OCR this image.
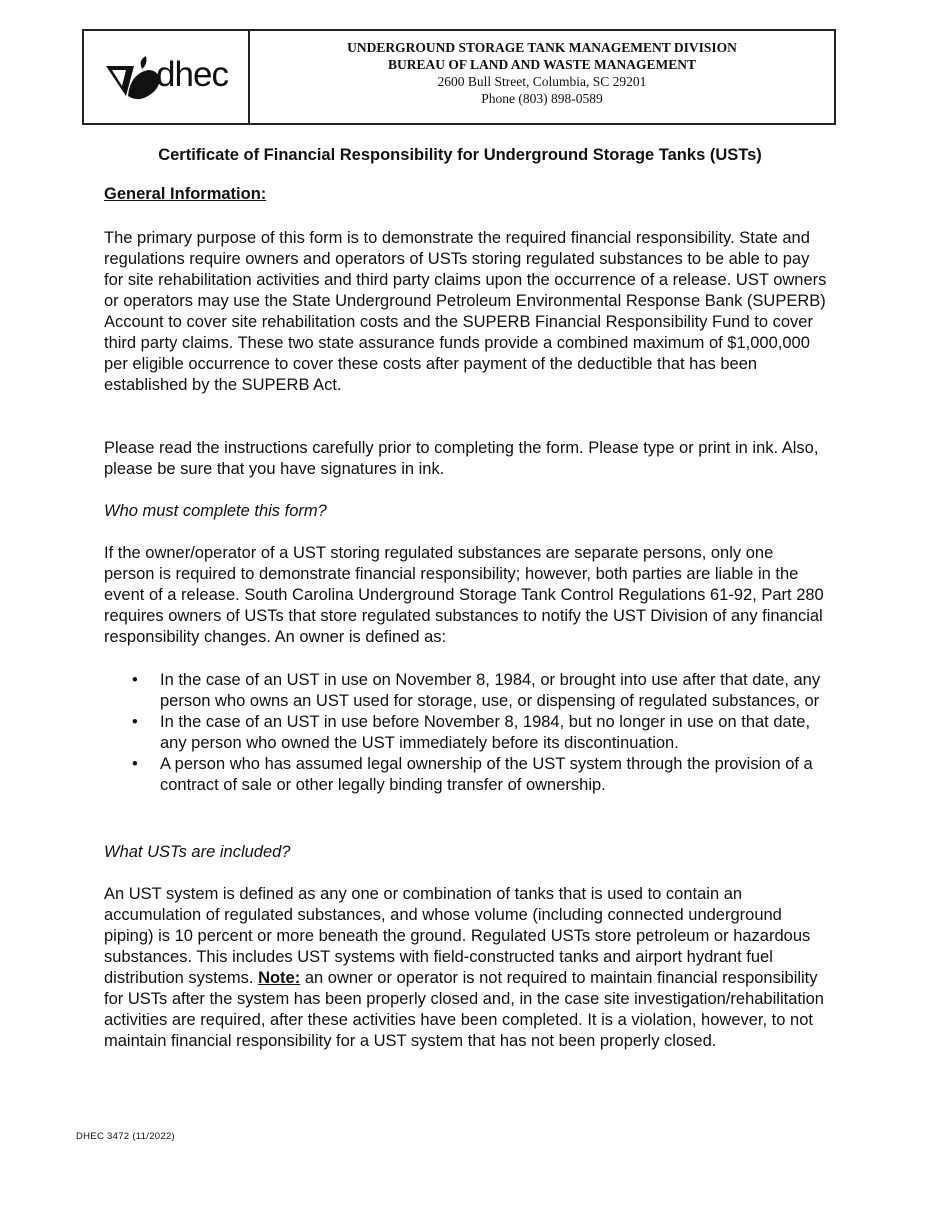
dhec
UNDERGROUND STORAGE TANK MANAGEMENT DIVISION
BUREAU OF LAND AND WASTE MANAGEMENT
2600 Bull Street, Columbia, SC 29201
Phone (803) 898-0589
Certificate of Financial Responsibility for Underground Storage Tanks (USTs)
General Information:

The primary purpose of this form is to demonstrate the required financial responsibility. State and regulations require owners and operators of USTs storing regulated substances to be able to pay for site rehabilitation activities and third party claims upon the occurrence of a release. UST owners or operators may use the State Underground Petroleum Environmental Response Bank (SUPERB) Account to cover site rehabilitation costs and the SUPERB Financial Responsibility Fund to cover third party claims. These two state assurance funds provide a combined maximum of $1,000,000 per eligible occurrence to cover these costs after payment of the deductible that has been established by the SUPERB Act.

Please read the instructions carefully prior to completing the form. Please type or print in ink. Also, please be sure that you have signatures in ink.

Who must complete this form?

If the owner/operator of a UST storing regulated substances are separate persons, only one person is required to demonstrate financial responsibility; however, both parties are liable in the event of a release. South Carolina Underground Storage Tank Control Regulations 61-92, Part 280 requires owners of USTs that store regulated substances to notify the UST Division of any financial responsibility changes. An owner is defined as:

• In the case of an UST in use on November 8, 1984, or brought into use after that date, any person who owns an UST used for storage, use, or dispensing of regulated substances, or
• In the case of an UST in use before November 8, 1984, but no longer in use on that date, any person who owned the UST immediately before its discontinuation.
• A person who has assumed legal ownership of the UST system through the provision of a contract of sale or other legally binding transfer of ownership.
What USTs are included?

An UST system is defined as any one or combination of tanks that is used to contain an accumulation of regulated substances, and whose volume (including connected underground piping) is 10 percent or more beneath the ground. Regulated USTs store petroleum or hazardous substances. This includes UST systems with field-constructed tanks and airport hydrant fuel distribution systems. Note: an owner or operator is not required to maintain financial responsibility for USTs after the system has been properly closed and, in the case site investigation/rehabilitation activities are required, after these activities have been completed. It is a violation, however, to not maintain financial responsibility for a UST system that has not been properly closed.

DHEC 3472 (11/2022)
